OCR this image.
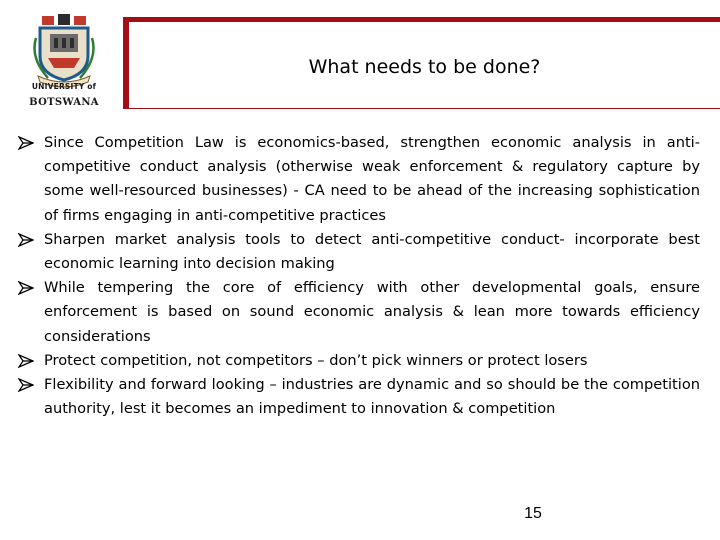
UNIVERSITY of
BOTSWANA
What needs to be done?
Since Competition Law is economics-based, strengthen economic analysis in anti-competitive conduct analysis (otherwise weak enforcement & regulatory capture by some well-resourced businesses) - CA need to be ahead of the increasing sophistication of firms engaging in anti-competitive practices
Sharpen market analysis tools to detect anti-competitive conduct- incorporate best economic learning into decision making
While tempering the core of efficiency with other developmental goals, ensure enforcement is based on sound economic analysis & lean more towards efficiency considerations
Protect competition, not competitors – don’t pick winners or protect losers
Flexibility and forward looking – industries are dynamic and so should be the competition authority, lest it becomes an impediment to innovation & competition
15
